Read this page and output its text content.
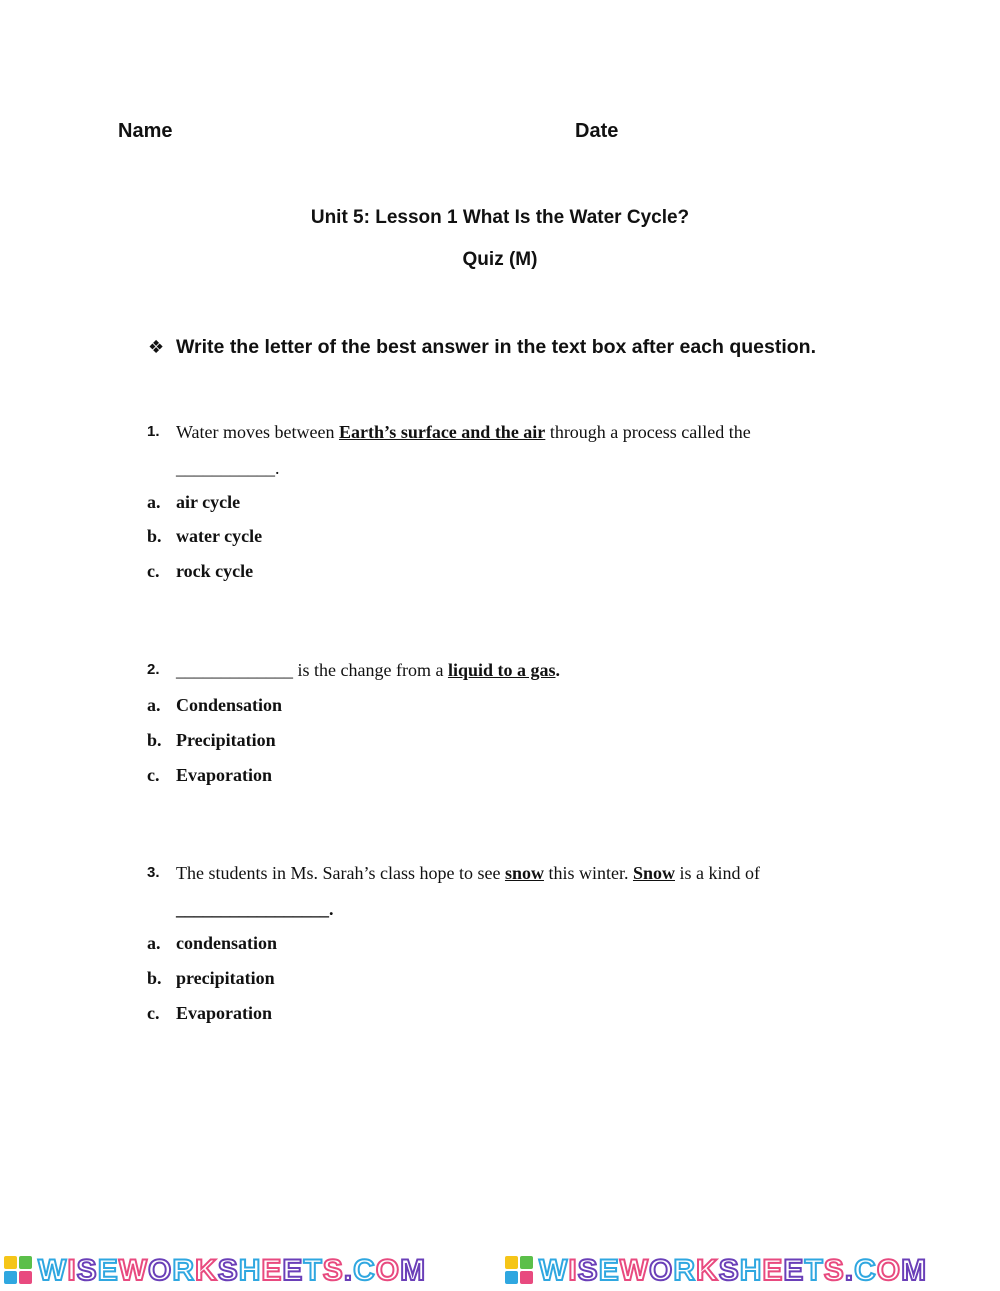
Name	Date
Unit 5: Lesson 1 What Is the Water Cycle?
Quiz (M)
❖ Write the letter of the best answer in the text box after each question.
1. Water moves between Earth’s surface and the air through a process called the
___________.
a. air cycle
b. water cycle
c. rock cycle
2. _____________ is the change from a liquid to a gas.
a. Condensation
b. Precipitation
c. Evaporation
3. The students in Ms. Sarah’s class hope to see snow this winter. Snow is a kind of
_________________.
a. condensation
b. precipitation
c. Evaporation
WISEWORKSHEETS.COM	WISEWORKSHEETS.COM
